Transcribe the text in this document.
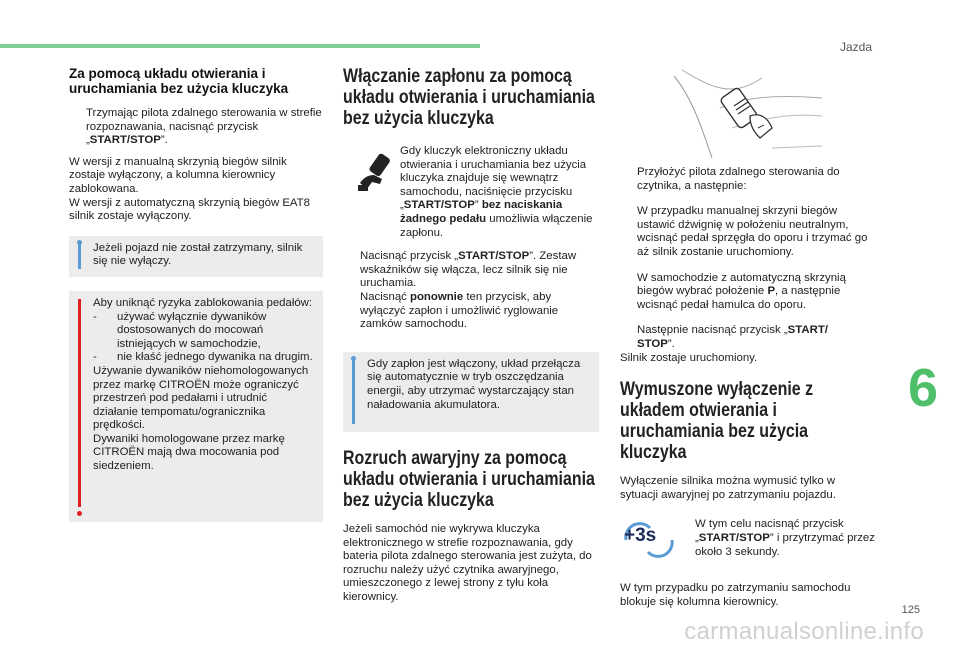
Jazda
6
125
carmanualsonline.info
Za pomocą układu otwierania i uruchamiania bez użycia kluczyka
Trzymając pilota zdalnego sterowania w strefie rozpoznawania, nacisnąć przycisk „START/STOP”.

W wersji z manualną skrzynią biegów silnik zostaje wyłączony, a kolumna kierownicy zablokowana.

W wersji z automatyczną skrzynią biegów EAT8 silnik zostaje wyłączony.

Jeżeli pojazd nie został zatrzymany, silnik się nie wyłączy.
Aby uniknąć ryzyka zablokowania pedałów:
- używać wyłącznie dywaników dostosowanych do mocowań istniejących w samochodzie,
- nie kłaść jednego dywanika na drugim.
Używanie dywaników niehomologowanych przez markę CITROËN może ograniczyć przestrzeń pod pedałami i utrudnić działanie tempomatu/ogranicznika prędkości.
Dywaniki homologowane przez markę CITROËN mają dwa mocowania pod siedzeniem.
Włączanie zapłonu za pomocą układu otwierania i uruchamiania bez użycia kluczyka
Gdy kluczyk elektroniczny układu otwierania i uruchamiania bez użycia kluczyka znajduje się wewnątrz samochodu, naciśnięcie przycisku „START/STOP” bez naciskania żadnego pedału umożliwia włączenie zapłonu.
Nacisnąć przycisk „START/STOP”. Zestaw wskaźników się włącza, lecz silnik się nie uruchamia.
Nacisnąć ponownie ten przycisk, aby wyłączyć zapłon i umożliwić ryglowanie zamków samochodu.
Gdy zapłon jest włączony, układ przełącza się automatycznie w tryb oszczędzania energii, aby utrzymać wystarczający stan naładowania akumulatora.
Rozruch awaryjny za pomocą układu otwierania i uruchamiania bez użycia kluczyka

Jeżeli samochód nie wykrywa kluczyka elektronicznego w strefie rozpoznawania, gdy bateria pilota zdalnego sterowania jest zużyta, do rozruchu należy użyć czytnika awaryjnego, umieszczonego z lewej strony z tyłu koła kierownicy.

Przyłożyć pilota zdalnego sterowania do czytnika, a następnie:
W przypadku manualnej skrzyni biegów ustawić dźwignię w położeniu neutralnym, wcisnąć pedał sprzęgła do oporu i trzymać go aż silnik zostanie uruchomiony.
W samochodzie z automatyczną skrzynią biegów wybrać położenie P, a następnie wcisnąć pedał hamulca do oporu.
Następnie nacisnąć przycisk „START/ STOP”.

Silnik zostaje uruchomiony.

Wymuszone wyłączenie z układem otwierania i uruchamiania bez użycia kluczyka

Wyłączenie silnika można wymusić tylko w sytuacji awaryjnej po zatrzymaniu pojazdu.

+3s
W tym celu nacisnąć przycisk „START/STOP” i przytrzymać przez około 3 sekundy.

W tym przypadku po zatrzymaniu samochodu blokuje się kolumna kierownicy.
